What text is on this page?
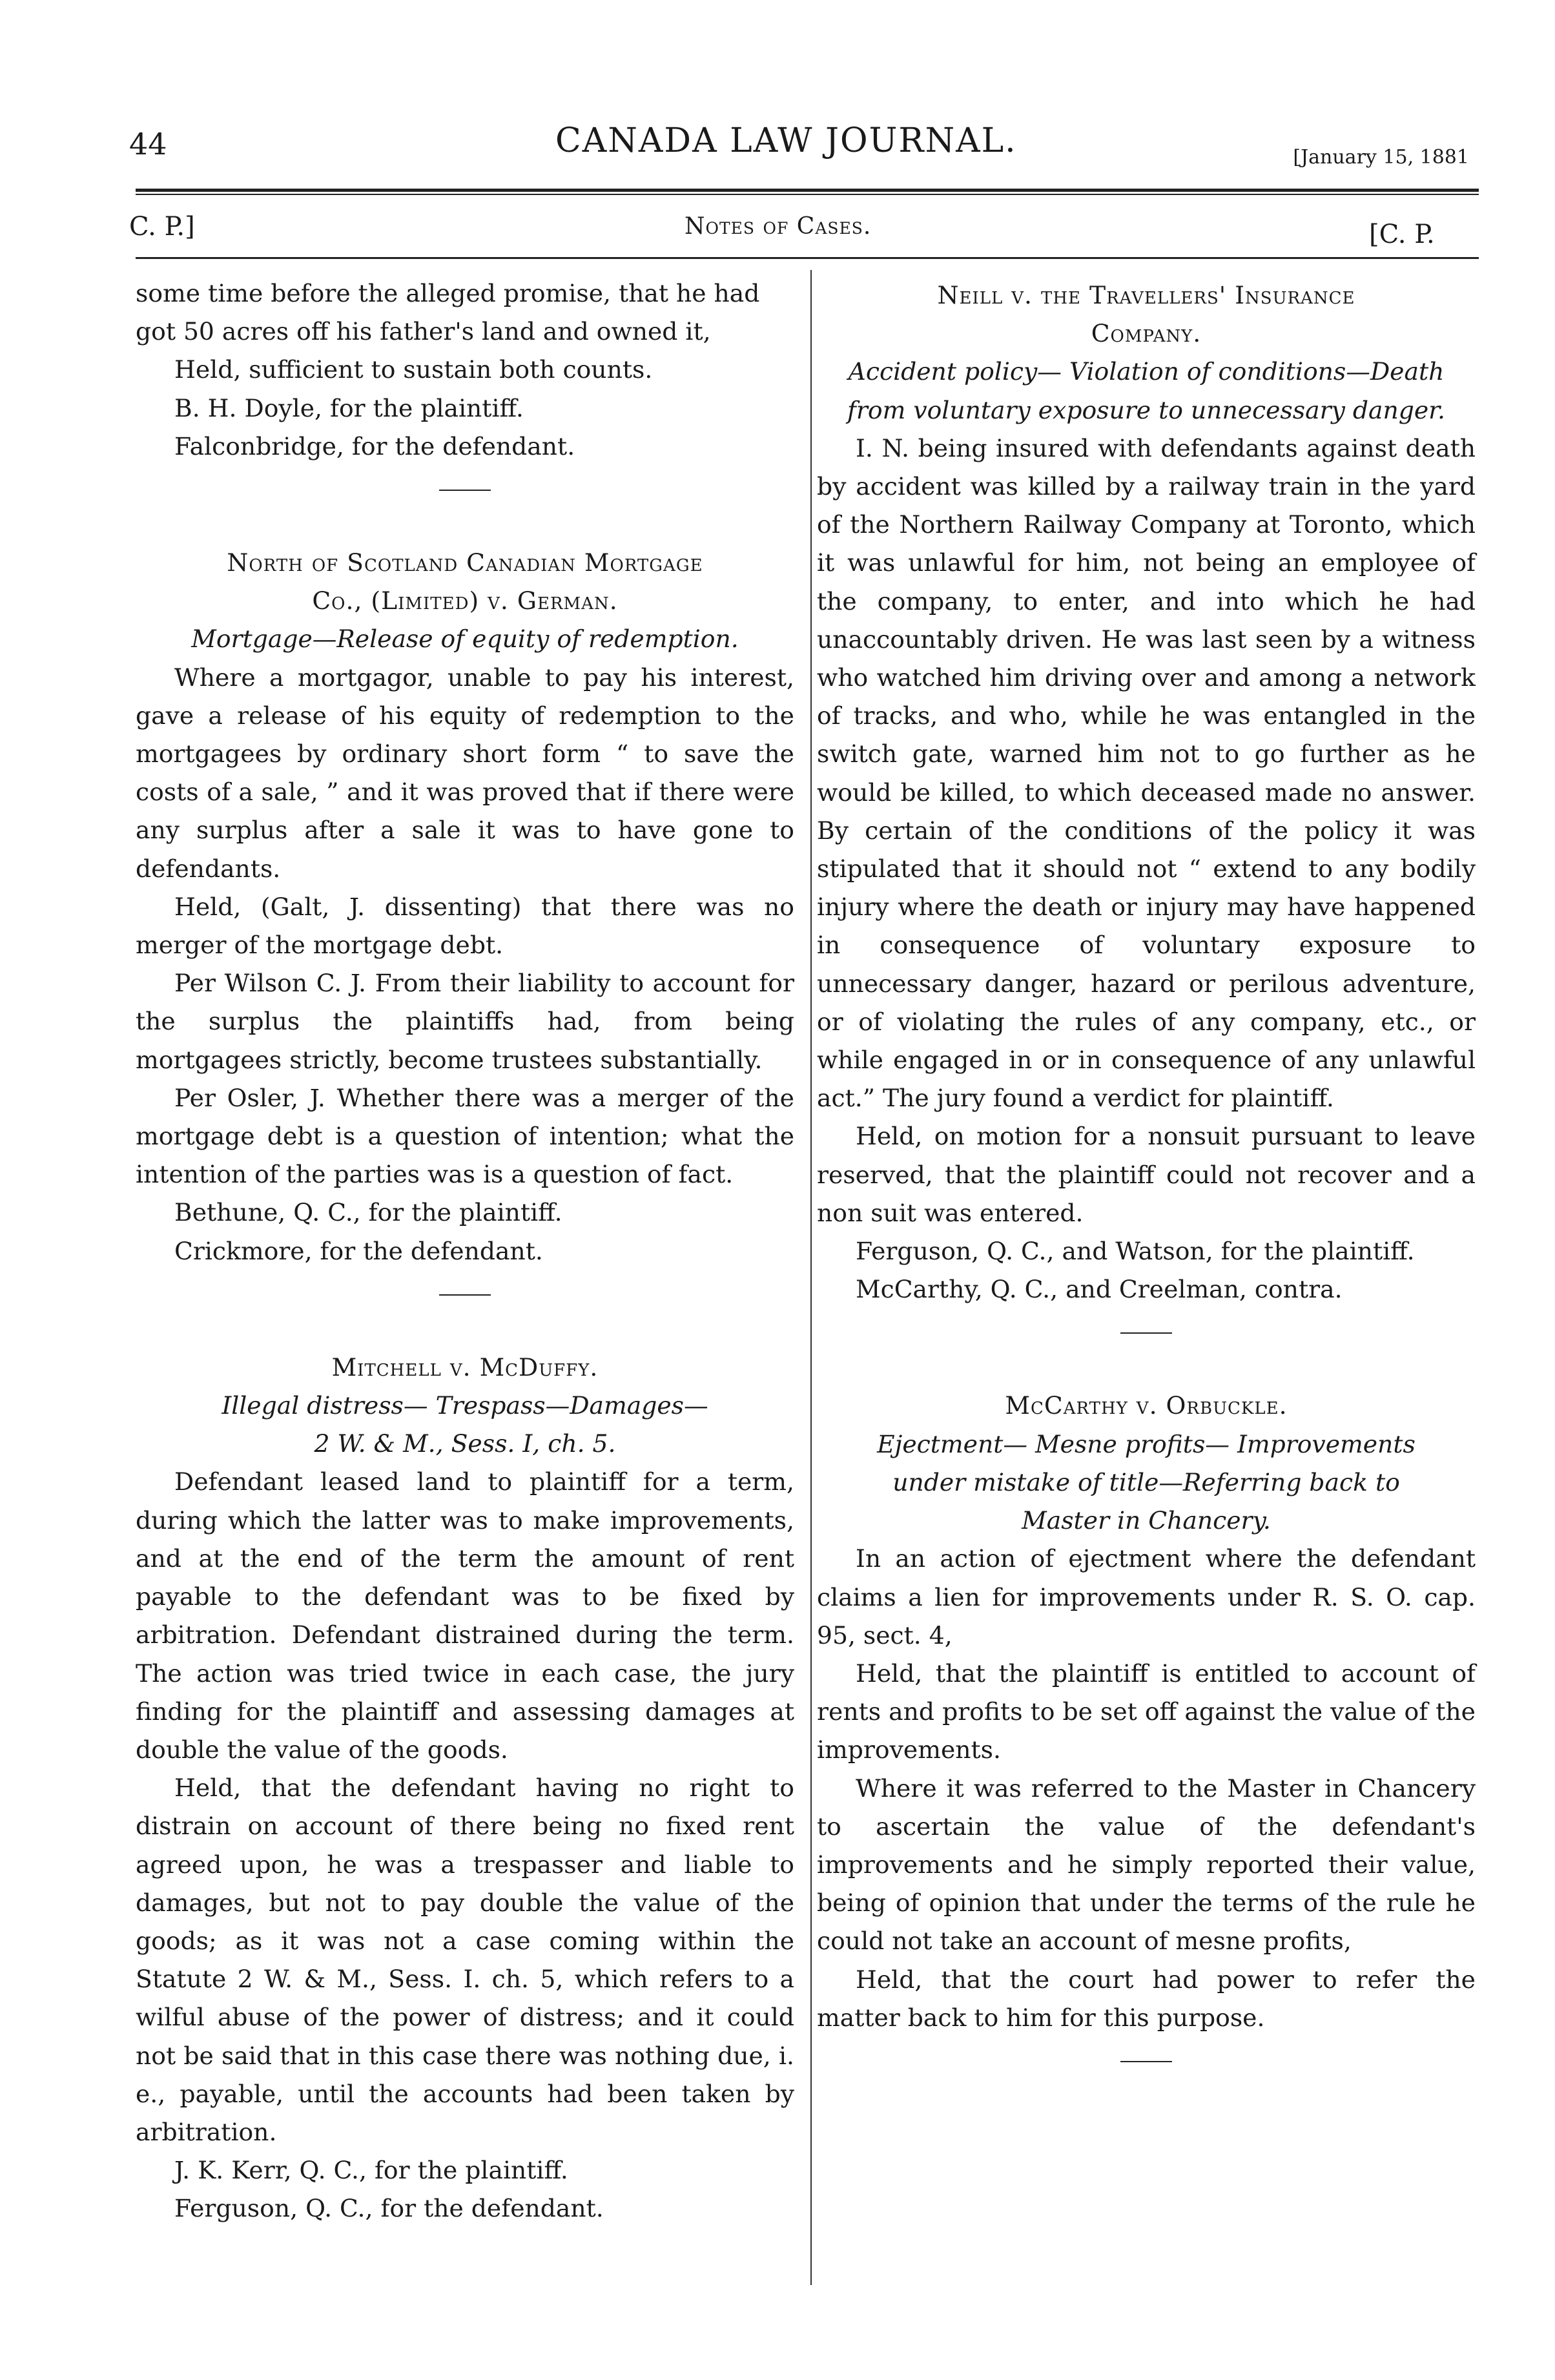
44	CANADA LAW JOURNAL.	[January 15, 1881
C. P.]	Notes of Cases.	[C. P.

some time before the alleged promise, that he had

got 50 acres off his father's land and owned it,

Held, sufficient to sustain both counts.

B. H. Doyle, for the plaintiff.

Falconbridge, for the defendant.

North of Scotland Canadian Mortgage

Co., (Limited) v. German.

Mortgage—Release of equity of redemption.

Where a mortgagor, unable to pay his interest, gave a release of his equity of redemption to the mortgagees by ordinary short form “ to save the costs of a sale, ” and it was proved that if there were any surplus after a sale it was to have gone to defendants.

Held, (Galt, J. dissenting) that there was no merger of the mortgage debt.

Per Wilson C. J. From their liability to account for the surplus the plaintiffs had, from being mortgagees strictly, become trustees substantially.

Per Osler, J. Whether there was a merger of the mortgage debt is a question of intention; what the intention of the parties was is a question of fact.

Bethune, Q. C., for the plaintiff.

Crickmore, for the defendant.

Mitchell v. McDuffy.

Illegal distress— Trespass—Damages—

2 W. & M., Sess. I, ch. 5.

Defendant leased land to plaintiff for a term, during which the latter was to make improvements, and at the end of the term the amount of rent payable to the defendant was to be fixed by arbitration. Defendant distrained during the term. The action was tried twice in each case, the jury finding for the plaintiff and assessing damages at double the value of the goods.

Held, that the defendant having no right to distrain on account of there being no fixed rent agreed upon, he was a trespasser and liable to damages, but not to pay double the value of the goods; as it was not a case coming within the Statute 2 W. & M., Sess. I. ch. 5, which refers to a wilful abuse of the power of distress; and it could not be said that in this case there was nothing due, i. e., payable, until the accounts had been taken by arbitration.

J. K. Kerr, Q. C., for the plaintiff.

Ferguson, Q. C., for the defendant.

Neill v. the Travellers' Insurance

Company.

Accident policy— Violation of conditions—Death from voluntary exposure to unnecessary danger.

I. N. being insured with defendants against death by accident was killed by a railway train in the yard of the Northern Railway Company at Toronto, which it was unlawful for him, not being an employee of the company, to enter, and into which he had unaccountably driven. He was last seen by a witness who watched him driving over and among a network of tracks, and who, while he was entangled in the switch gate, warned him not to go further as he would be killed, to which deceased made no answer. By certain of the conditions of the policy it was stipulated that it should not “ extend to any bodily injury where the death or injury may have happened in consequence of voluntary exposure to unnecessary danger, hazard or perilous adventure, or of violating the rules of any company, etc., or while engaged in or in consequence of any unlawful act.” The jury found a verdict for plaintiff.

Held, on motion for a nonsuit pursuant to leave reserved, that the plaintiff could not recover and a non suit was entered.

Ferguson, Q. C., and Watson, for the plaintiff.

McCarthy, Q. C., and Creelman, contra.

McCarthy v. Orbuckle.

Ejectment— Mesne profits— Improvements

under mistake of title—Referring back to

Master in Chancery.

In an action of ejectment where the defendant claims a lien for improvements under R. S. O. cap. 95, sect. 4,

Held, that the plaintiff is entitled to account of rents and profits to be set off against the value of the improvements.

Where it was referred to the Master in Chancery to ascertain the value of the defendant's improvements and he simply reported their value, being of opinion that under the terms of the rule he could not take an account of mesne profits,

Held, that the court had power to refer the matter back to him for this purpose.
